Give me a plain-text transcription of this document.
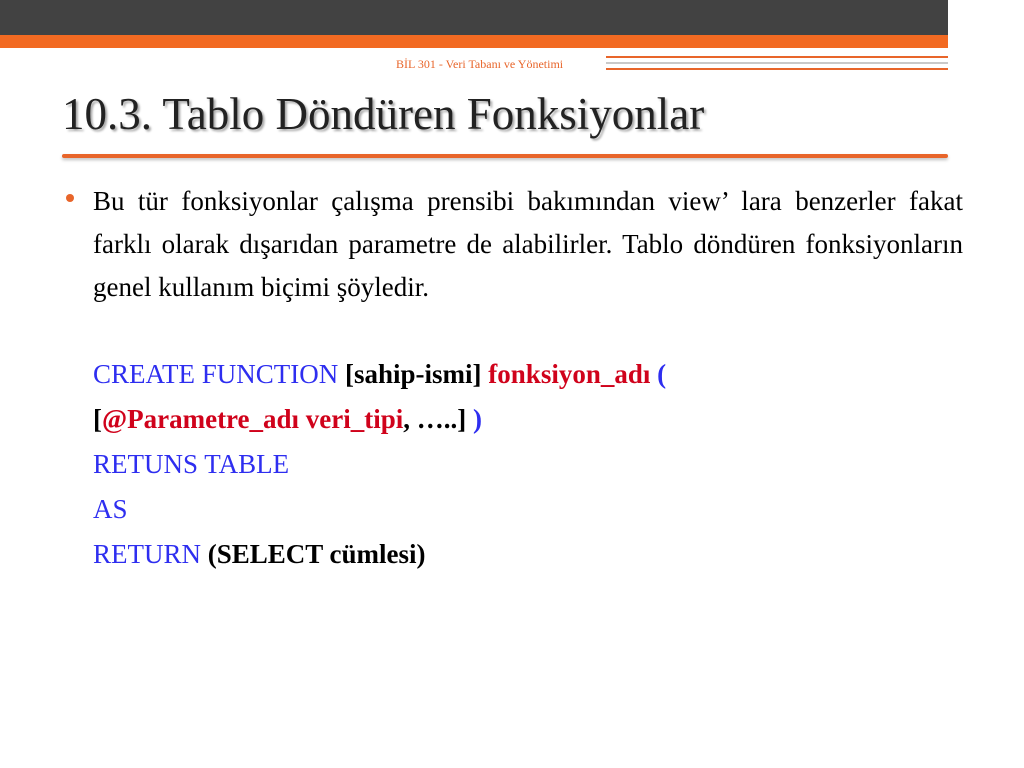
14
BİL 301 - Veri Tabanı ve Yönetimi
10.3. Tablo Döndüren Fonksiyonlar
Bu tür fonksiyonlar çalışma prensibi bakımından view’ lara benzerler fakat farklı olarak dışarıdan parametre de alabilirler. Tablo döndüren fonksiyonların genel kullanım biçimi şöyledir.
CREATE FUNCTION [sahip-ismi] fonksiyon_adı (
[@Parametre_adı veri_tipi, …..] )
RETUNS TABLE
AS
RETURN (SELECT cümlesi)
